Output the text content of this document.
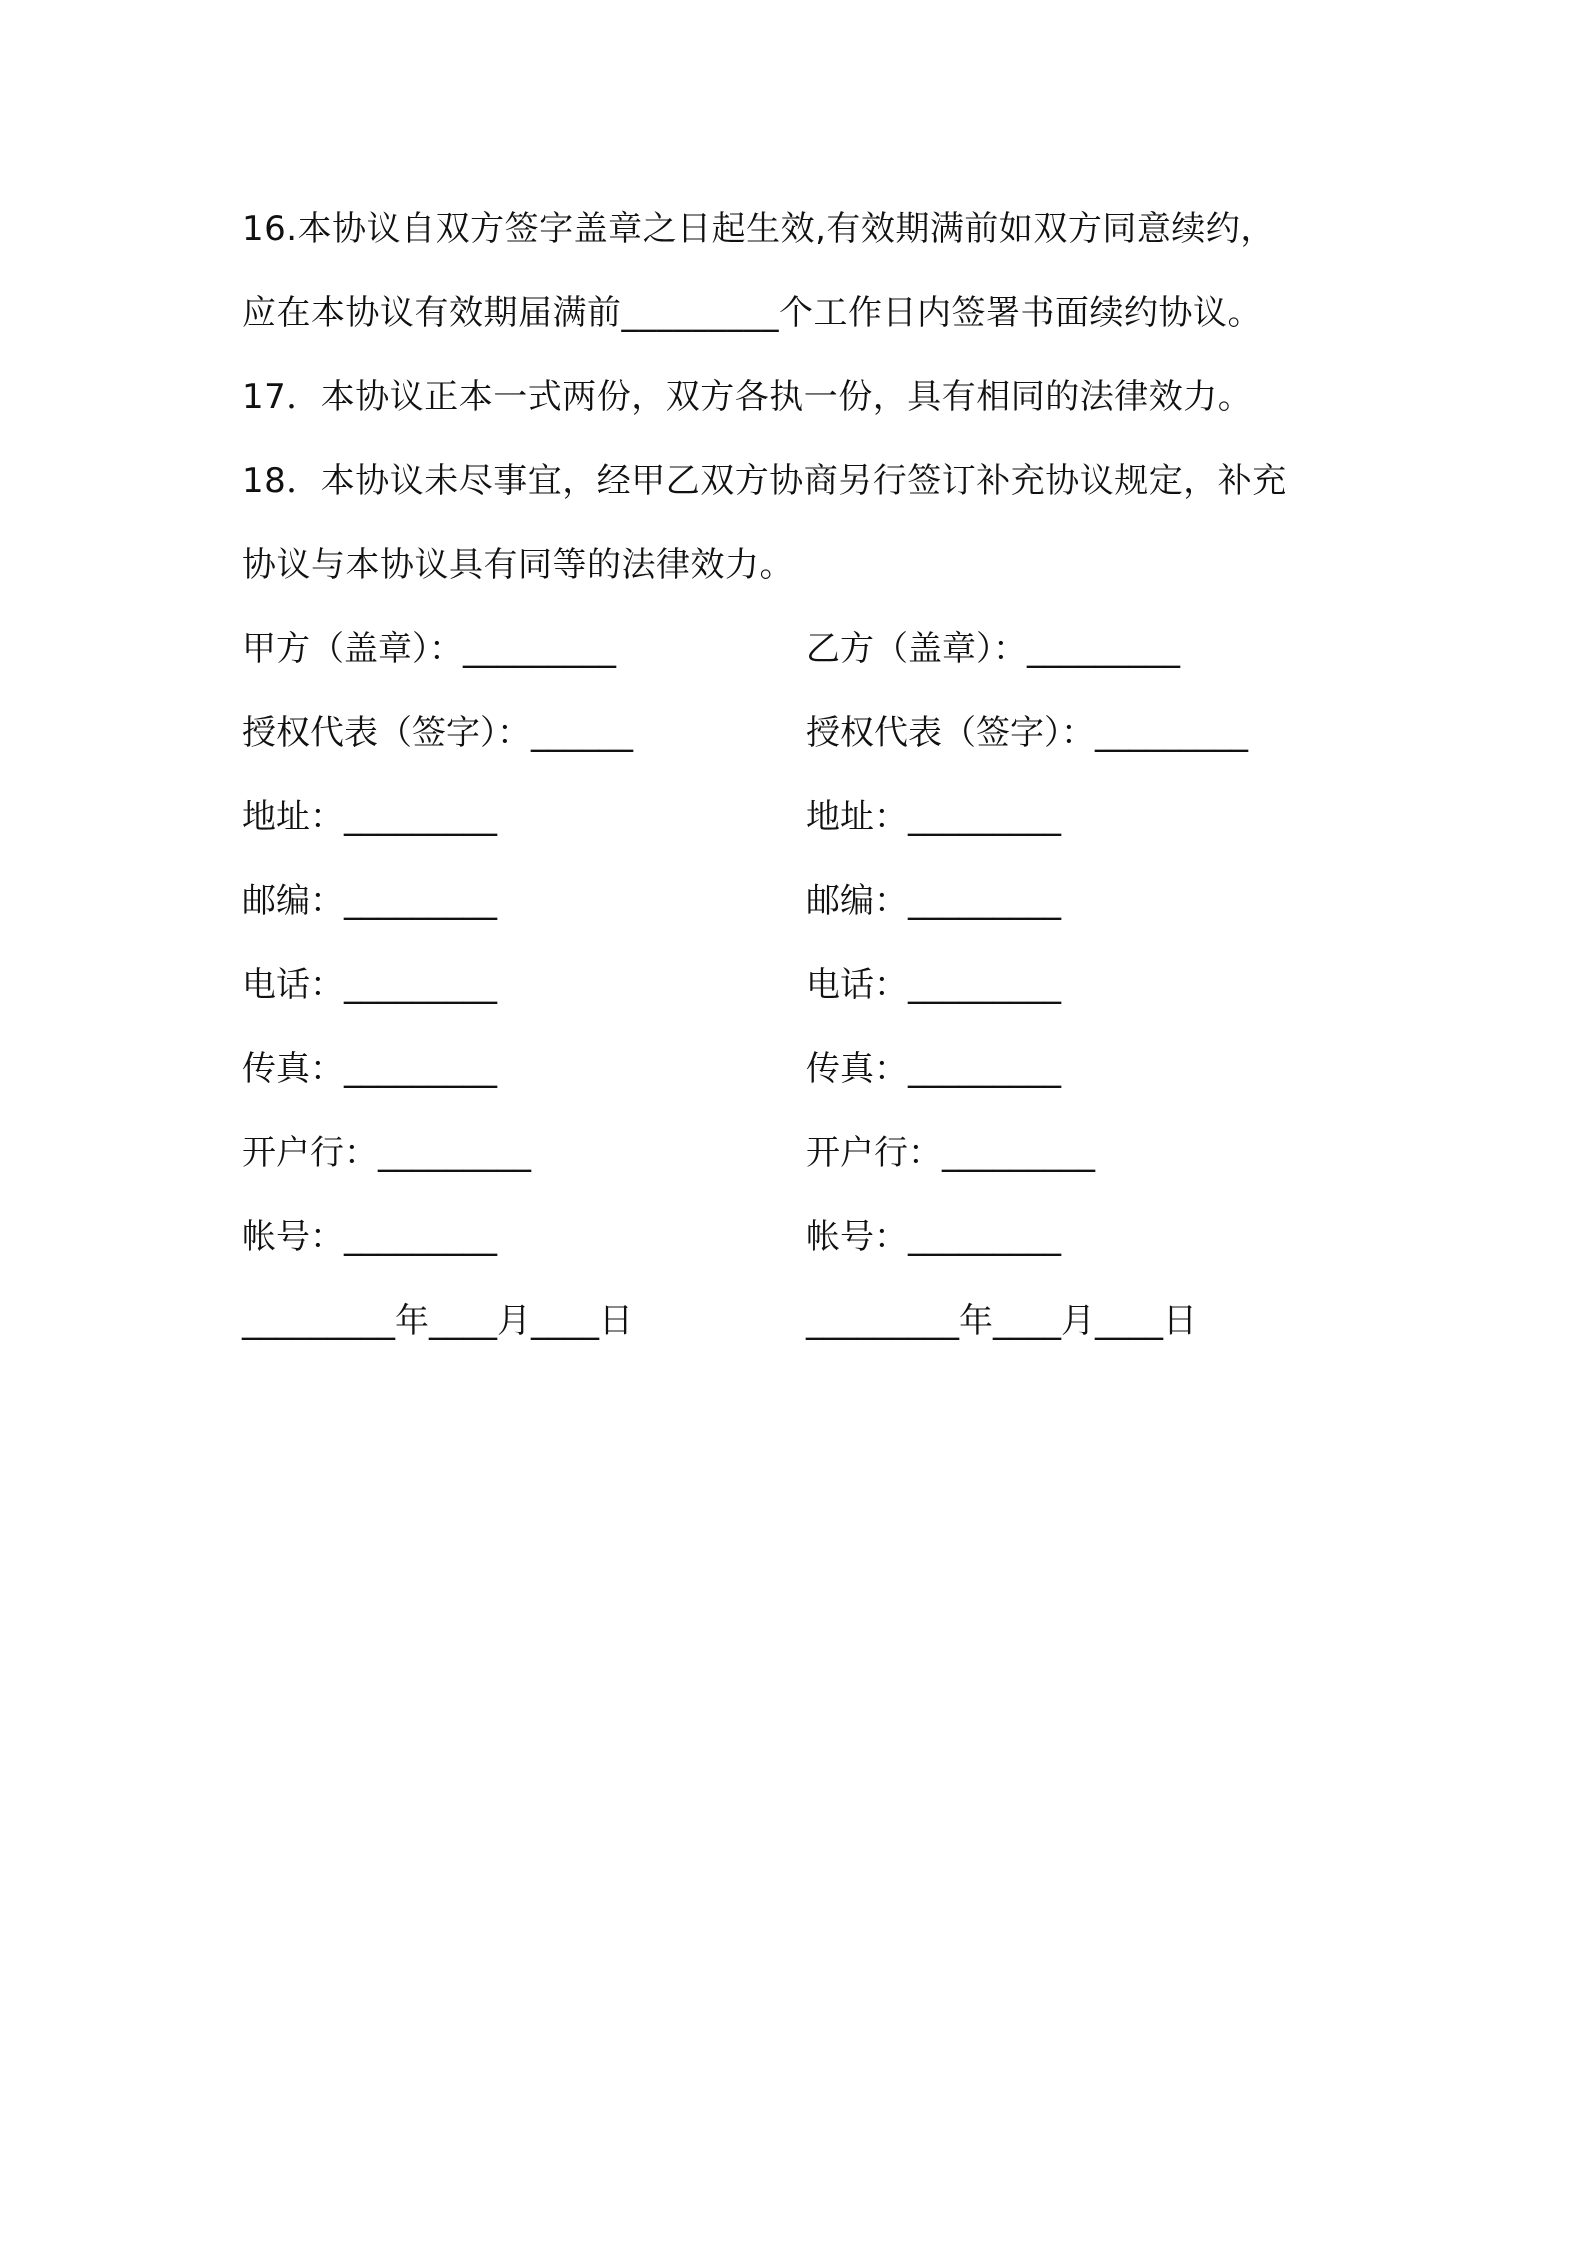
16.本协议自双方签字盖章之日起生效,有效期满前如双方同意续约，
应在本协议有效期届满前_________个工作日内签署书面续约协议。
17．本协议正本一式两份，双方各执一份，具有相同的法律效力。
18．本协议未尽事宜，经甲乙双方协商另行签订补充协议规定，补充
协议与本协议具有同等的法律效力。
甲方（盖章）：_________	乙方（盖章）：_________
授权代表（签字）：______	授权代表（签字）：_________
地址：_________	地址：_________
邮编：_________	邮编：_________
电话：_________	电话：_________
传真：_________	传真：_________
开户行：_________	开户行：_________
帐号：_________	帐号：_________
_________年____月____日	_________年____月____日
